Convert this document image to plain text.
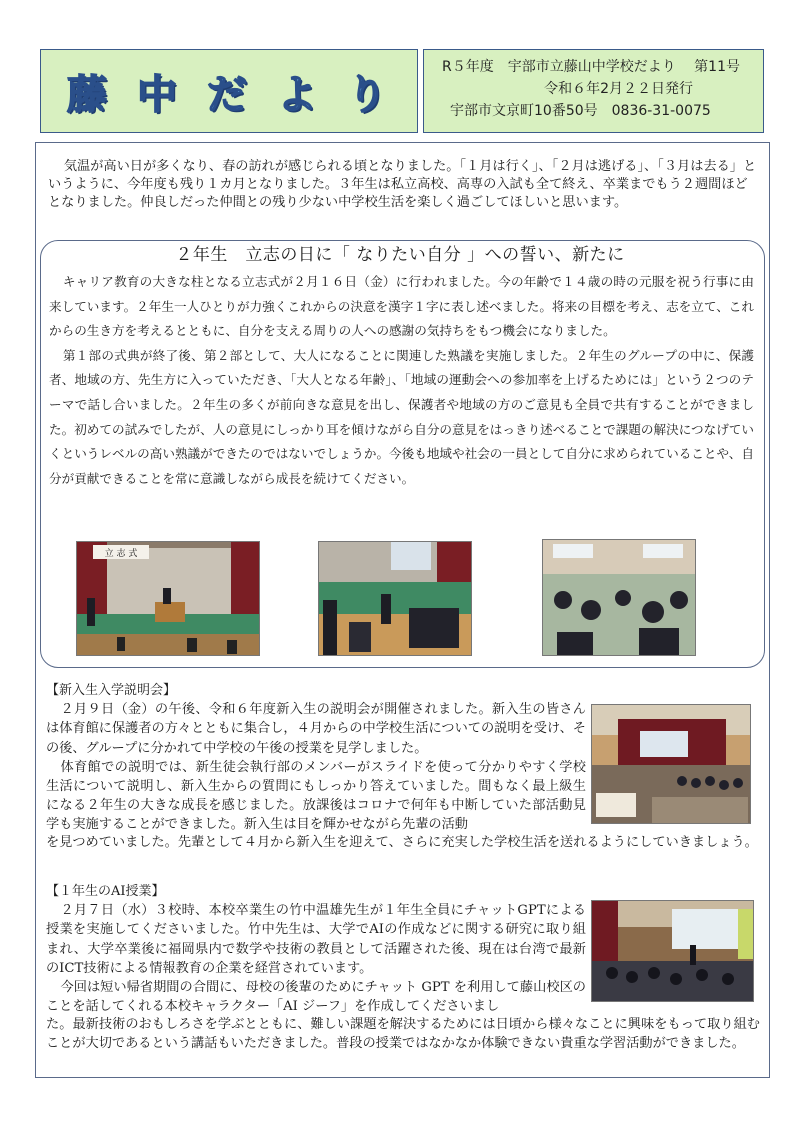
藤中だより
R５年度　宇部市立藤山中学校だより　 第11号
令和６年2月２２日発行
宇部市文京町10番50号　0836-31-0075

気温が高い日が多くなり、春の訪れが感じられる頃となりました。「１月は行く」、「２月は逃げる」、「３月は去る」というように、今年度も残り１カ月となりました。３年生は私立高校、高専の入試も全て終え、卒業までもう２週間ほどとなりました。仲良しだった仲間との残り少ない中学校生活を楽しく過ごしてほしいと思います。

２年生　立志の日に「 なりたい自分 」への誓い、新たに

キャリア教育の大きな柱となる立志式が２月１６日（金）に行われました。今の年齢で１４歳の時の元服を祝う行事に由来しています。２年生一人ひとりが力強くこれからの決意を漢字１字に表し述べました。将来の目標を考え、志を立て、これからの生き方を考えるとともに、自分を支える周りの人への感謝の気持ちをもつ機会になりました。

第１部の式典が終了後、第２部として、大人になることに関連した熟議を実施しました。２年生のグループの中に、保護者、地域の方、先生方に入っていただき、「大人となる年齢」、「地域の運動会への参加率を上げるためには」という２つのテーマで話し合いました。２年生の多くが前向きな意見を出し、保護者や地域の方のご意見も全員で共有することができました。初めての試みでしたが、人の意見にしっかり耳を傾けながら自分の意見をはっきり述べることで課題の解決につなげていくというレベルの高い熟議ができたのではないでしょうか。今後も地域や社会の一員として自分に求められていることや、自分が貢献できることを常に意識しながら成長を続けてください。

立 志 式
【新入生入学説明会】

２月９日（金）の午後、令和６年度新入生の説明会が開催されました。新入生の皆さんは体育館に保護者の方々とともに集合し，４月からの中学校生活についての説明を受け、その後、グループに分かれて中学校の午後の授業を見学しました。

体育館での説明では、新生徒会執行部のメンバーがスライドを使って分かりやすく学校生活について説明し、新入生からの質問にもしっかり答えていました。間もなく最上級生になる２年生の大きな成長を感じました。放課後はコロナで何年も中断していた部活動見学も実施することができました。新入生は目を輝かせながら先輩の活動

を見つめていました。先輩として４月から新入生を迎えて、さらに充実した学校生活を送れるようにしていきましょう。

【１年生のAI授業】

２月７日（水）３校時、本校卒業生の竹中温雄先生が１年生全員にチャットGPTによる授業を実施してくださいました。竹中先生は、大学でAIの作成などに関する研究に取り組まれ、大学卒業後に福岡県内で数学や技術の教員として活躍された後、現在は台湾で最新のICT技術による情報教育の企業を経営されています。

今回は短い帰省期間の合間に、母校の後輩のためにチャット GPT を利用して藤山校区のことを話してくれる本校キャラクター「AI ジーフ」を作成してくださいまし

た。最新技術のおもしろさを学ぶとともに、難しい課題を解決するためには日頃から様々なことに興味をもって取り組むことが大切であるという講話もいただきました。普段の授業ではなかなか体験できない貴重な学習活動ができました。
